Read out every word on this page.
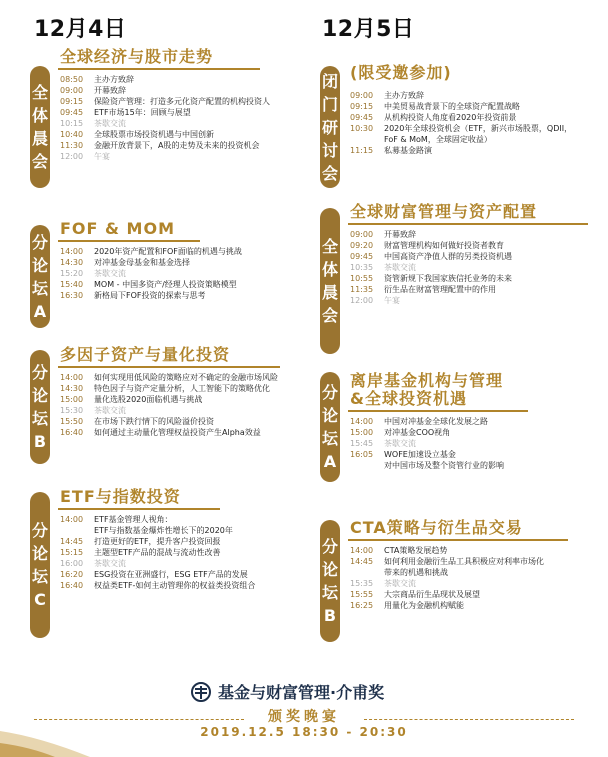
12月4日	12月5日
全
体
晨
会
全球经济与股市走势
08:50	主办方致辞
09:00	开幕致辞
09:15	保险资产管理：打造多元化资产配置的机构投资人
09:45	ETF市场15年：回顾与展望
10:15	茶歇交流
10:40	全球股票市场投资机遇与中国创新
11:30	金融开放背景下，A股的走势及未来的投资机会
12:00	午宴
分
论
坛
A
FOF & MOM
14:00	2020年资产配置和FOF面临的机遇与挑战
14:30	对冲基金母基金和基金选择
15:20	茶歇交流
15:40	MOM - 中国多资产/经理人投资策略模型
16:30	新格局下FOF投资的探索与思考
分
论
坛
B
多因子资产与量化投资
14:00	如何实现用低风险的策略应对不确定的金融市场风险
14:30	特色因子与资产定量分析，人工智能下的策略优化
15:00	量化选股2020面临机遇与挑战
15:30	茶歇交流
15:50	在市场下跌行情下的风险溢价投资
16:40	如何通过主动量化管理权益投资产生Alpha效益
分
论
坛
C
ETF与指数投资
14:00	ETF基金管理人视角：
ETF与指数基金爆炸性增长下的2020年
14:45	打造更好的ETF，提升客户投资回报
15:15	主题型ETF产品的混战与流动性改善
16:00	茶歇交流
16:20	ESG投资在亚洲盛行，ESG ETF产品的发展
16:40	权益类ETF-如何主动管理你的权益类投资组合
闭
门
研
讨
会
(限受邀参加)
09:00	主办方致辞
09:15	中美贸易战背景下的全球资产配置战略
09:45	从机构投资人角度看2020年投资前景
10:30	2020年全球投资机会（ETF，新兴市场股票，QDII，
FoF & MoM，全球固定收益）
11:15	私募基金路演
全
体
晨
会
全球财富管理与资产配置
09:00	开幕致辞
09:20	财富管理机构如何做好投资者教育
09:45	中国高资产净值人群的另类投资机遇
10:35	茶歇交流
10:55	资管新规下我国家族信托业务的未来
11:35	衍生品在财富管理配置中的作用
12:00	午宴
分
论
坛
A
离岸基金机构与管理
&全球投资机遇
14:00	中国对冲基金全球化发展之路
15:00	对冲基金COO视角
15:45	茶歇交流
16:05	WOFE加速设立基金
对中国市场及整个资管行业的影响
分
论
坛
B
CTA策略与衍生品交易
14:00	CTA策略发展趋势
14:45	如何利用金融衍生品工具积极应对利率市场化
带来的机遇和挑战
15:35	茶歇交流
15:55	大宗商品衍生品现状及展望
16:25	用量化为金融机构赋能
基金与财富管理·介甫奖
颁奖晚宴
2019.12.5 18:30 - 20:30
